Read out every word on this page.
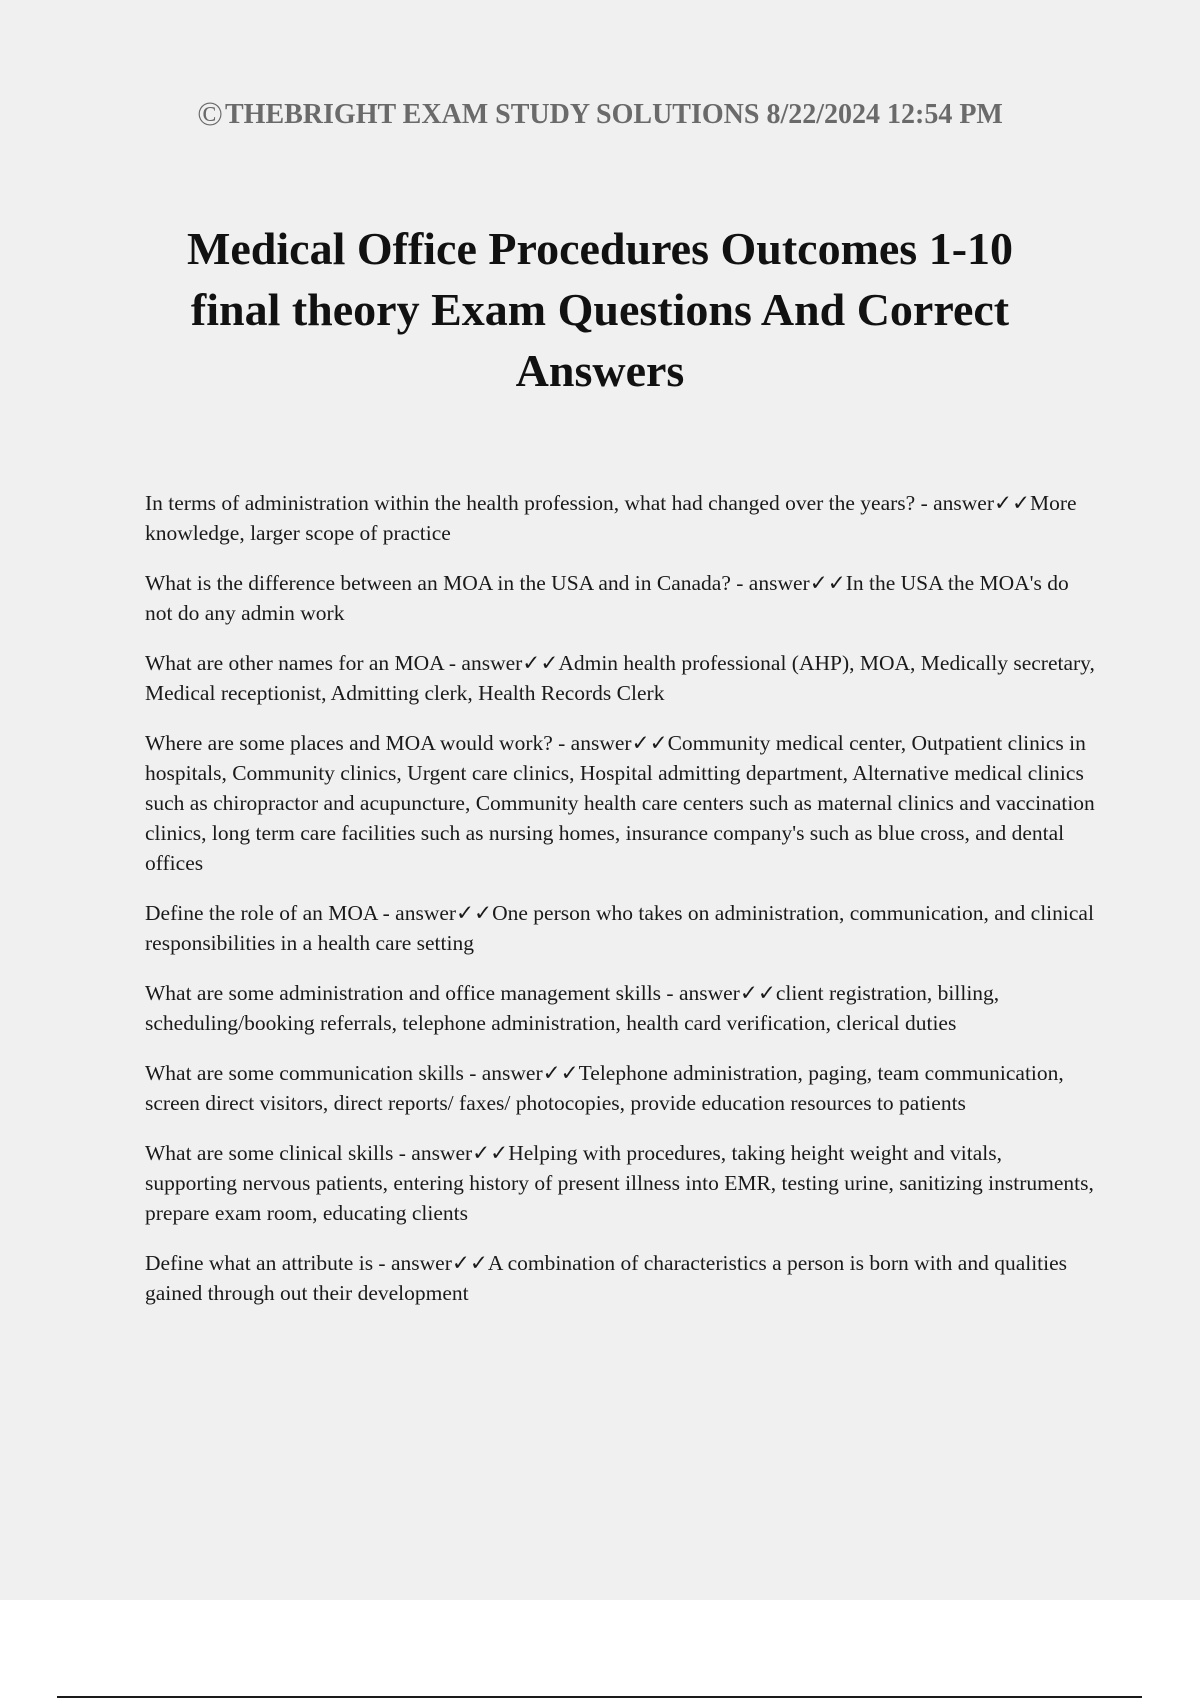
©THEBRIGHT EXAM STUDY SOLUTIONS 8/22/2024 12:54 PM
Medical Office Procedures Outcomes 1-10 final theory Exam Questions And Correct Answers
In terms of administration within the health profession, what had changed over the years? - answer✓✓More knowledge, larger scope of practice
What is the difference between an MOA in the USA and in Canada? - answer✓✓In the USA the MOA's do not do any admin work
What are other names for an MOA - answer✓✓Admin health professional (AHP), MOA, Medically secretary, Medical receptionist, Admitting clerk, Health Records Clerk
Where are some places and MOA would work? - answer✓✓Community medical center, Outpatient clinics in hospitals, Community clinics, Urgent care clinics, Hospital admitting department, Alternative medical clinics such as chiropractor and acupuncture, Community health care centers such as maternal clinics and vaccination clinics, long term care facilities such as nursing homes, insurance company's such as blue cross, and dental offices
Define the role of an MOA - answer✓✓One person who takes on administration, communication, and clinical responsibilities in a health care setting
What are some administration and office management skills - answer✓✓client registration, billing, scheduling/booking referrals, telephone administration, health card verification, clerical duties
What are some communication skills - answer✓✓Telephone administration, paging, team communication, screen direct visitors, direct reports/ faxes/ photocopies, provide education resources to patients
What are some clinical skills - answer✓✓Helping with procedures, taking height weight and vitals, supporting nervous patients, entering history of present illness into EMR, testing urine, sanitizing instruments, prepare exam room, educating clients
Define what an attribute is - answer✓✓A combination of characteristics a person is born with and qualities gained through out their development
